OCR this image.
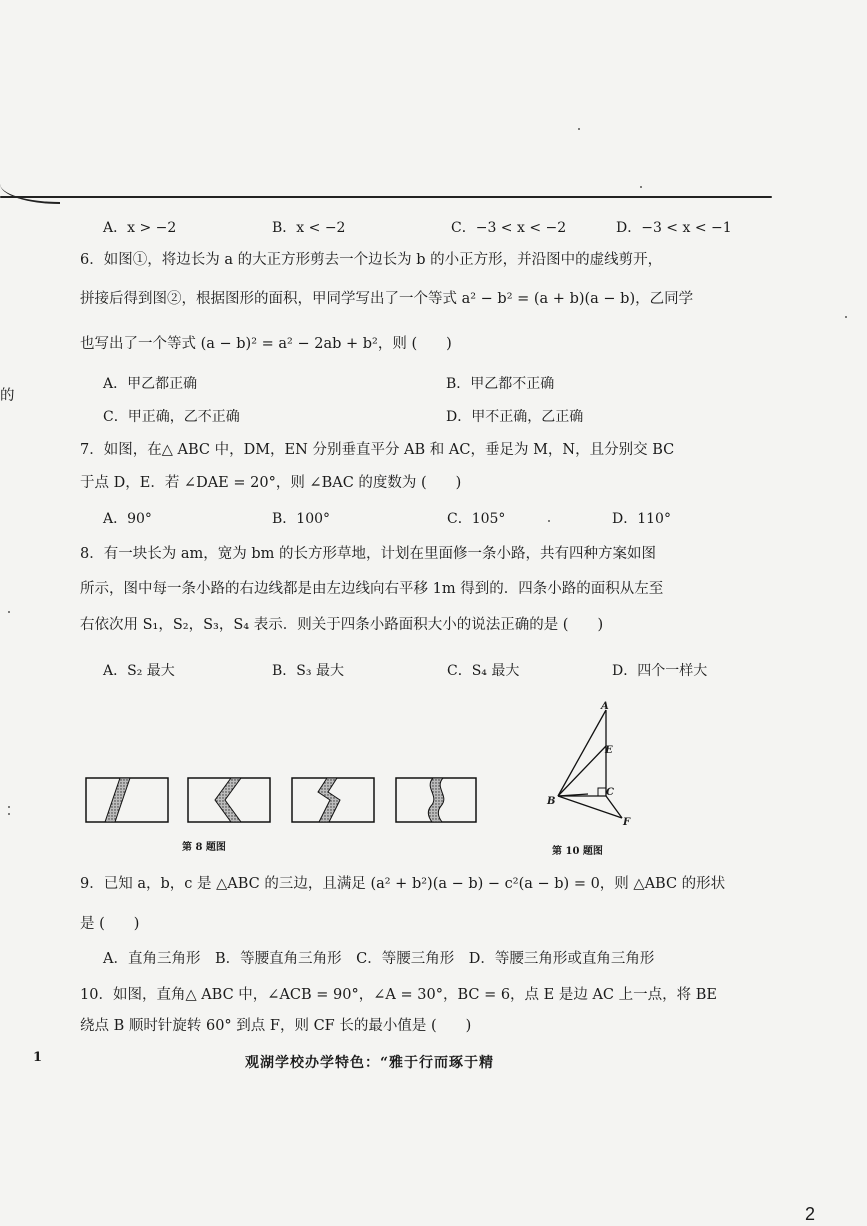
的
A．x > −2	B．x < −2	C．−3 < x < −2	D．−3 < x < −1
6．如图①，将边长为 a 的大正方形剪去一个边长为 b 的小正方形，并沿图中的虚线剪开，
拼接后得到图②，根据图形的面积，甲同学写出了一个等式 a² − b² = (a + b)(a − b)，乙同学
也写出了一个等式 (a − b)² = a² − 2ab + b²，则 (　　)
A．甲乙都正确	B．甲乙都不正确
C．甲正确，乙不正确	D．甲不正确，乙正确
7．如图，在△ ABC 中，DM，EN 分别垂直平分 AB 和 AC，垂足为 M，N，且分别交 BC
于点 D，E．若 ∠DAE = 20°，则 ∠BAC 的度数为 (　　)
A．90°	B．100°	C．105°	D．110°
8．有一块长为 am，宽为 bm 的长方形草地，计划在里面修一条小路，共有四种方案如图
所示，图中每一条小路的右边线都是由左边线向右平移 1m 得到的．四条小路的面积从左至
右依次用 S₁，S₂，S₃，S₄ 表示．则关于四条小路面积大小的说法正确的是 (　　)
A．S₂ 最大	B．S₃ 最大	C．S₄ 最大	D．四个一样大
第 8 题图
A
E
C
B
F
第 10 题图
9．已知 a，b，c 是 △ABC 的三边，且满足 (a² + b²)(a − b) − c²(a − b) = 0，则 △ABC 的形状
是 (　　)
A．直角三角形　B．等腰直角三角形　C．等腰三角形　D．等腰三角形或直角三角形
10．如图，直角△ ABC 中，∠ACB = 90°，∠A = 30°，BC = 6，点 E 是边 AC 上一点，将 BE
绕点 B 顺时针旋转 60° 到点 F，则 CF 长的最小值是 (　　)
1	观湖学校办学特色：“雅于行而琢于精
2
